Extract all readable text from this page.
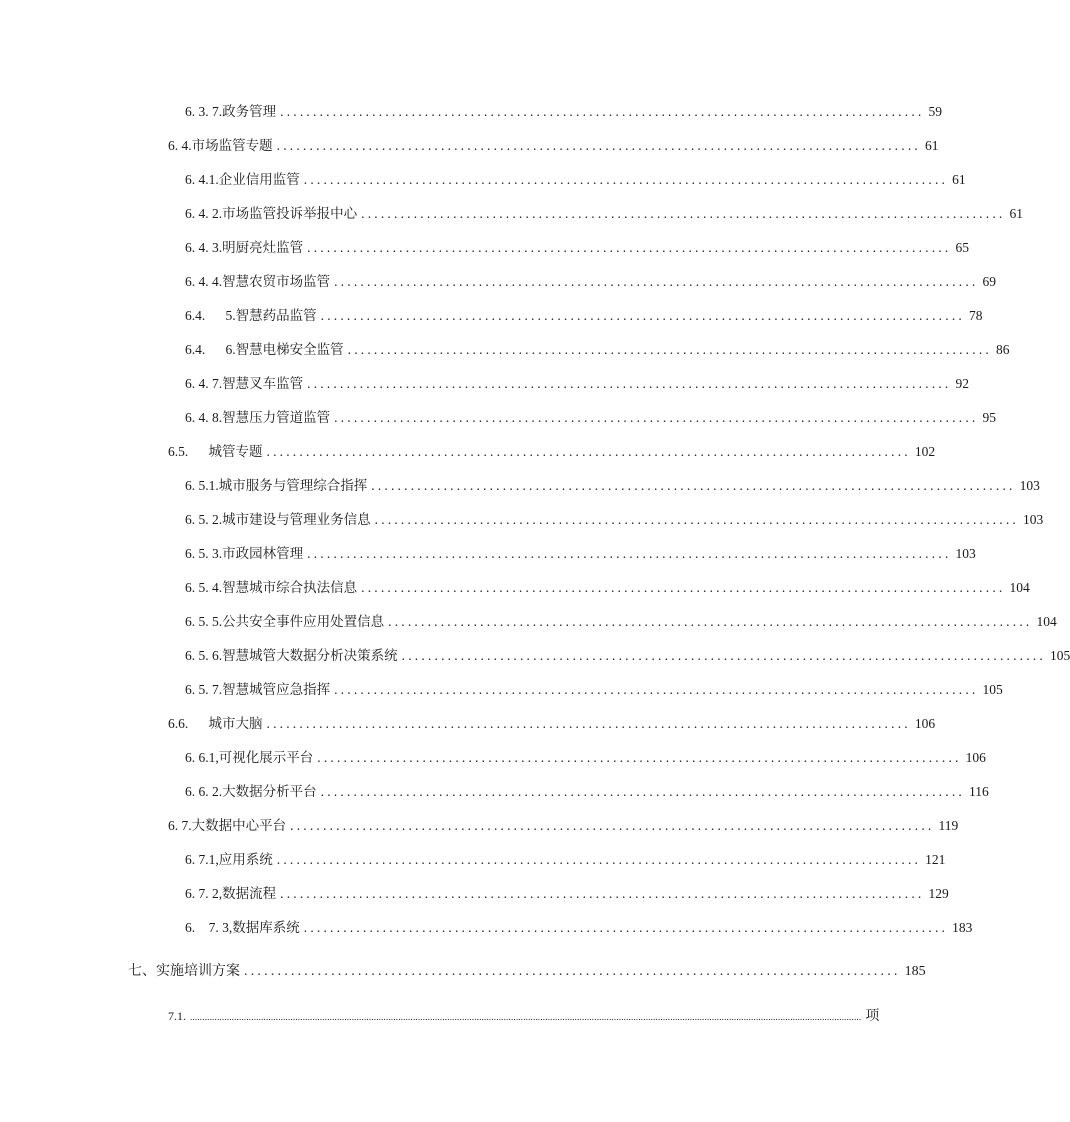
6. 3. 7. 政务管理 .................................................................................................. 59
6. 4. 市场监管专题 .................................................................................................. 61
6. 4.1. 企业信用监管 .................................................................................................. 61
6. 4. 2. 市场监管投诉举报中心 .................................................................................................. 61
6. 4. 3. 明厨亮灶监管 .................................................................................................. 65
6. 4. 4. 智慧农贸市场监管 .................................................................................................. 69
6.4.      5. 智慧药品监管 .................................................................................................. 78
6.4.      6. 智慧电梯安全监管 .................................................................................................. 86
6. 4. 7. 智慧叉车监管 .................................................................................................. 92
6. 4. 8. 智慧压力管道监管 .................................................................................................. 95
6.5. 城管专题 .................................................................................................. 102
6. 5.1. 城市服务与管理综合指挥 .................................................................................................. 103
6. 5. 2. 城市建设与管理业务信息 .................................................................................................. 103
6. 5. 3. 市政园林管理 .................................................................................................. 103
6. 5. 4. 智慧城市综合执法信息 .................................................................................................. 104
6. 5. 5. 公共安全事件应用处置信息 .................................................................................................. 104
6. 5. 6. 智慧城管大数据分析决策系统 .................................................................................................. 105
6. 5. 7. 智慧城管应急指挥 .................................................................................................. 105
6.6. 城市大脑 .................................................................................................. 106
6. 6.1, 可视化展示平台 .................................................................................................. 106
6. 6. 2. 大数据分析平台 .................................................................................................. 116
6. 7. 大数据中心平台 .................................................................................................. 119
6. 7.1, 应用系统 .................................................................................................. 121
6. 7. 2, 数据流程 .................................................................................................. 129
6.    7. 3, 数据库系统 .................................................................................................. 183
七、 实施培训方案 .................................................................................................. 185
7.1. .................................................................................................................................................................................................................................................................................. 项
